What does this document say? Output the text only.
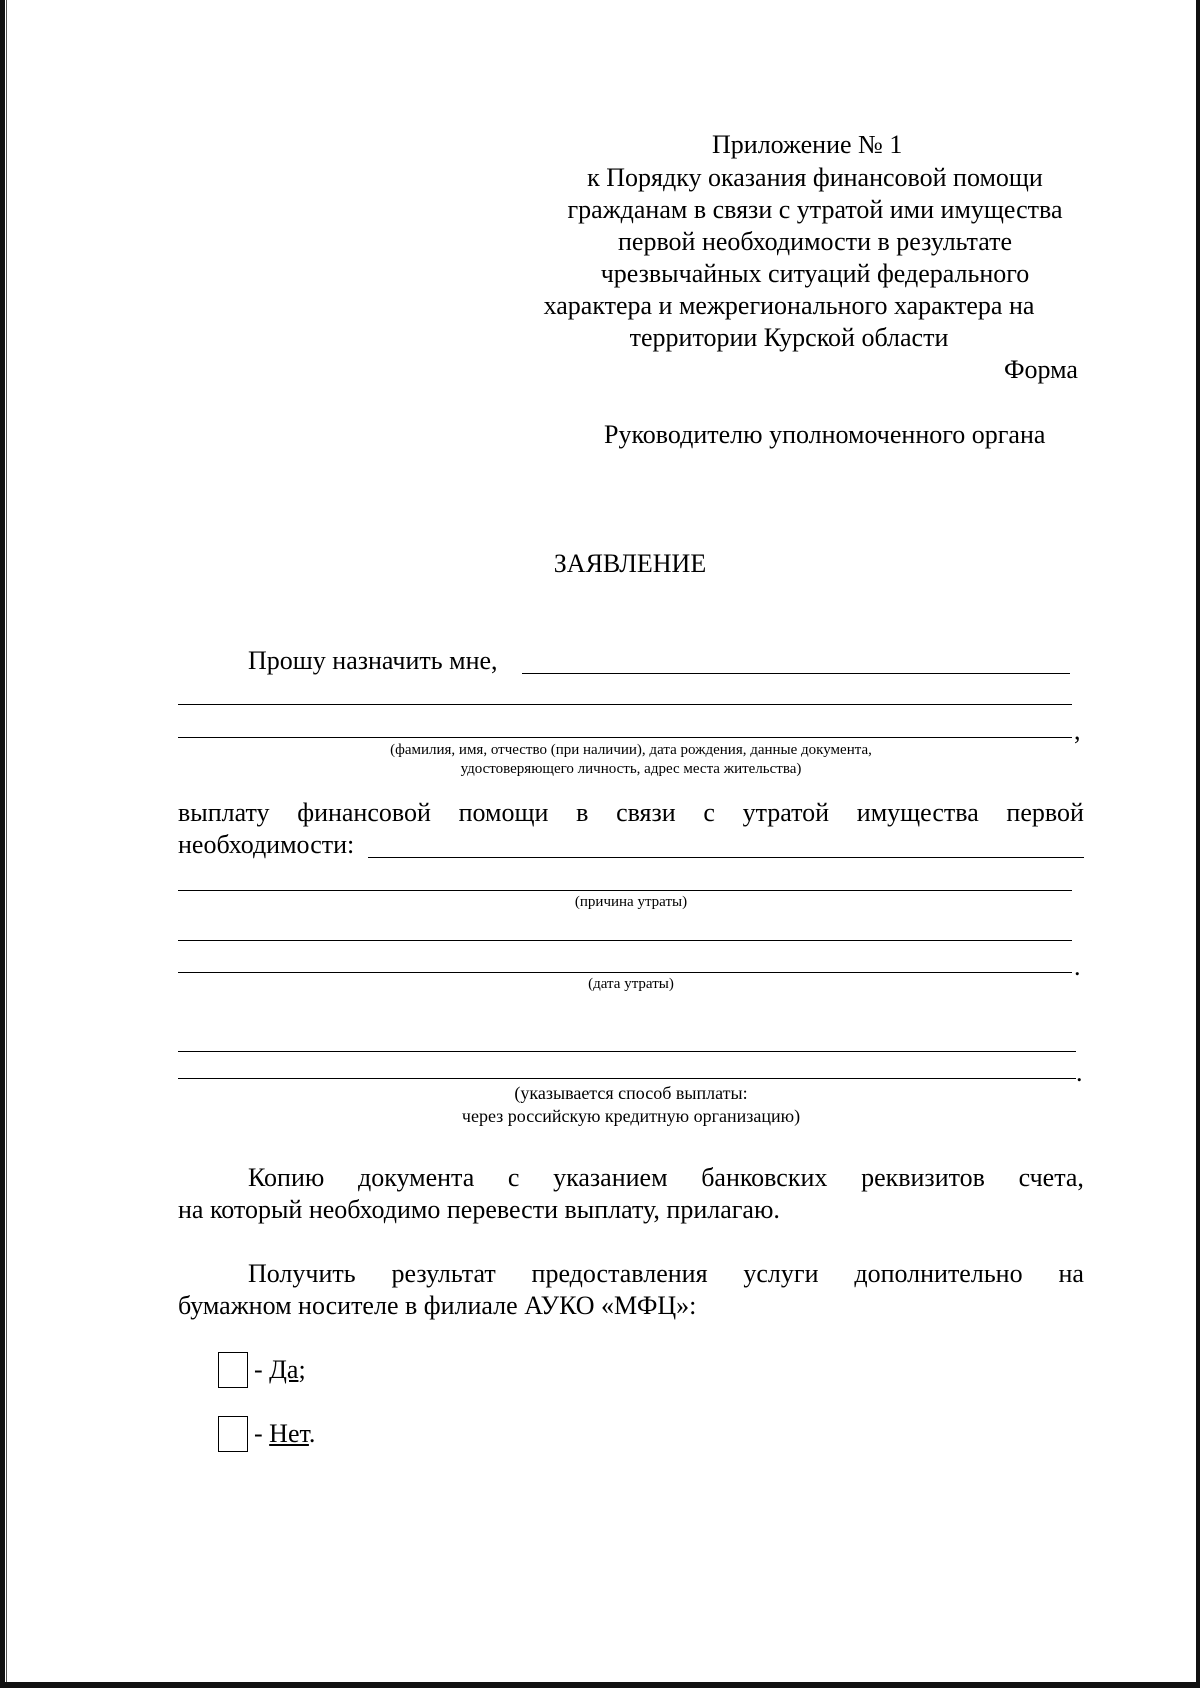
Приложение № 1
к Порядку оказания финансовой помощи
гражданам в связи с утратой ими имущества
первой необходимости в результате
чрезвычайных ситуаций федерального
характера и межрегионального характера на
территории Курской области
Форма
Руководителю уполномоченного органа
ЗАЯВЛЕНИЕ
Прошу назначить мне,
,
(фамилия, имя, отчество (при наличии), дата рождения, данные документа,
удостоверяющего личность, адрес места жительства)
выплату финансовой помощи в связи с утратой имущества первой
необходимости:
(причина утраты)
.
(дата утраты)
.
(указывается способ выплаты:
через российскую кредитную организацию)
Копию документа с указанием банковских реквизитов счета,
на который необходимо перевести выплату, прилагаю.
Получить результат предоставления услуги дополнительно на
бумажном носителе в филиале АУКО «МФЦ»:
- Да;
- Нет.
